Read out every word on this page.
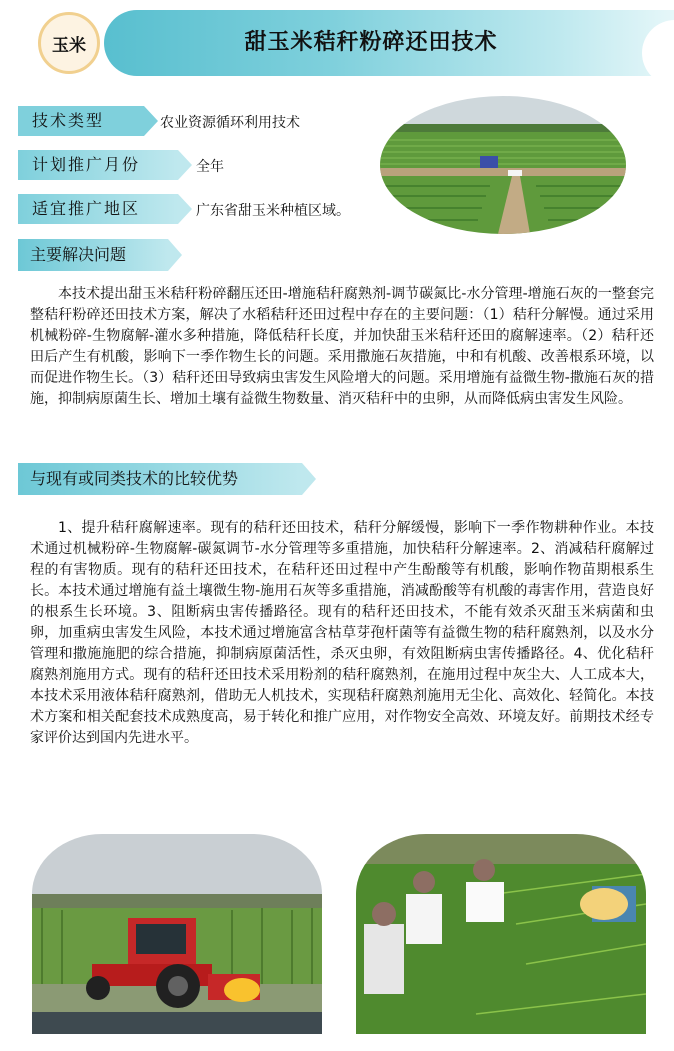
甜玉米秸秆粉碎还田技术
玉米
技术类型	农业资源循环利用技术
计划推广月份	全年
适宜推广地区	广东省甜玉米种植区域。
主要解决问题
本技术提出甜玉米秸秆粉碎翻压还田-增施秸秆腐熟剂-调节碳氮比-水分管理-增施石灰的一整套完整秸秆粉碎还田技术方案，解决了水稻秸秆还田过程中存在的主要问题：（1）秸秆分解慢。通过采用机械粉碎-生物腐解-灌水多种措施，降低秸秆长度，并加快甜玉米秸秆还田的腐解速率。（2）秸秆还田后产生有机酸，影响下一季作物生长的问题。采用撒施石灰措施，中和有机酸、改善根系环境，以而促进作物生长。（3）秸秆还田导致病虫害发生风险增大的问题。采用增施有益微生物-撒施石灰的措施，抑制病原菌生长、增加土壤有益微生物数量、消灭秸秆中的虫卵，从而降低病虫害发生风险。
与现有或同类技术的比较优势
1、提升秸秆腐解速率。现有的秸秆还田技术，秸秆分解缓慢，影响下一季作物耕种作业。本技术通过机械粉碎-生物腐解-碳氮调节-水分管理等多重措施，加快秸秆分解速率。2、消减秸秆腐解过程的有害物质。现有的秸秆还田技术，在秸秆还田过程中产生酚酸等有机酸，影响作物苗期根系生长。本技术通过增施有益土壤微生物-施用石灰等多重措施，消减酚酸等有机酸的毒害作用，营造良好的根系生长环境。3、阻断病虫害传播路径。现有的秸秆还田技术，不能有效杀灭甜玉米病菌和虫卵，加重病虫害发生风险，本技术通过增施富含枯草芽孢杆菌等有益微生物的秸秆腐熟剂，以及水分管理和撒施施肥的综合措施，抑制病原菌活性，杀灭虫卵，有效阻断病虫害传播路径。4、优化秸秆腐熟剂施用方式。现有的秸秆还田技术采用粉剂的秸秆腐熟剂，在施用过程中灰尘大、人工成本大，本技术采用液体秸秆腐熟剂，借助无人机技术，实现秸秆腐熟剂施用无尘化、高效化、轻简化。本技术方案和相关配套技术成熟度高，易于转化和推广应用，对作物安全高效、环境友好。前期技术经专家评价达到国内先进水平。
